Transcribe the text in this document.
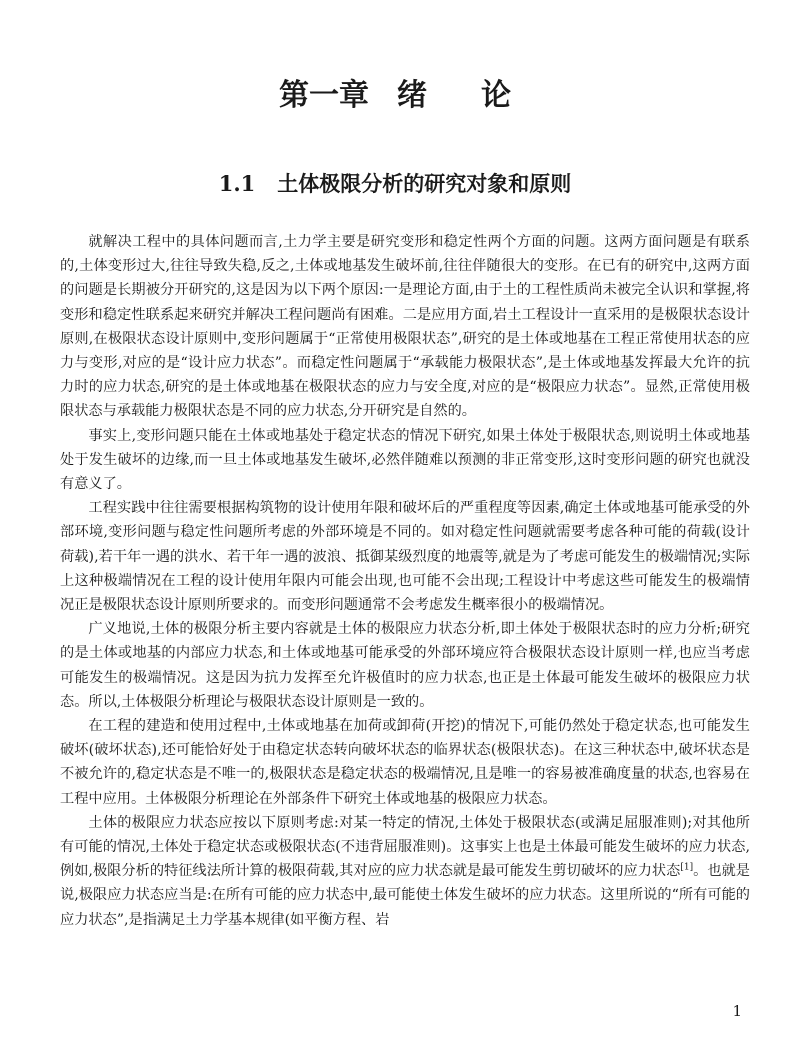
第一章 绪 论
1.1 土体极限分析的研究对象和原则

就解决工程中的具体问题而言,土力学主要是研究变形和稳定性两个方面的问题。这两方面问题是有联系的,土体变形过大,往往导致失稳,反之,土体或地基发生破坏前,往往伴随很大的变形。在已有的研究中,这两方面的问题是长期被分开研究的,这是因为以下两个原因:一是理论方面,由于土的工程性质尚未被完全认识和掌握,将变形和稳定性联系起来研究并解决工程问题尚有困难。二是应用方面,岩土工程设计一直采用的是极限状态设计原则,在极限状态设计原则中,变形问题属于“正常使用极限状态”,研究的是土体或地基在工程正常使用状态的应力与变形,对应的是“设计应力状态”。而稳定性问题属于“承载能力极限状态”,是土体或地基发挥最大允许的抗力时的应力状态,研究的是土体或地基在极限状态的应力与安全度,对应的是“极限应力状态”。显然,正常使用极限状态与承载能力极限状态是不同的应力状态,分开研究是自然的。

事实上,变形问题只能在土体或地基处于稳定状态的情况下研究,如果土体处于极限状态,则说明土体或地基处于发生破坏的边缘,而一旦土体或地基发生破坏,必然伴随难以预测的非正常变形,这时变形问题的研究也就没有意义了。

工程实践中往往需要根据构筑物的设计使用年限和破坏后的严重程度等因素,确定土体或地基可能承受的外部环境,变形问题与稳定性问题所考虑的外部环境是不同的。如对稳定性问题就需要考虑各种可能的荷载(设计荷载),若干年一遇的洪水、若干年一遇的波浪、抵御某级烈度的地震等,就是为了考虑可能发生的极端情况;实际上这种极端情况在工程的设计使用年限内可能会出现,也可能不会出现;工程设计中考虑这些可能发生的极端情况正是极限状态设计原则所要求的。而变形问题通常不会考虑发生概率很小的极端情况。

广义地说,土体的极限分析主要内容就是土体的极限应力状态分析,即土体处于极限状态时的应力分析;研究的是土体或地基的内部应力状态,和土体或地基可能承受的外部环境应符合极限状态设计原则一样,也应当考虑可能发生的极端情况。这是因为抗力发挥至允许极值时的应力状态,也正是土体最可能发生破坏的极限应力状态。所以,土体极限分析理论与极限状态设计原则是一致的。

在工程的建造和使用过程中,土体或地基在加荷或卸荷(开挖)的情况下,可能仍然处于稳定状态,也可能发生破坏(破坏状态),还可能恰好处于由稳定状态转向破坏状态的临界状态(极限状态)。在这三种状态中,破坏状态是不被允许的,稳定状态是不唯一的,极限状态是稳定状态的极端情况,且是唯一的容易被准确度量的状态,也容易在工程中应用。土体极限分析理论在外部条件下研究土体或地基的极限应力状态。

土体的极限应力状态应按以下原则考虑:对某一特定的情况,土体处于极限状态(或满足屈服准则);对其他所有可能的情况,土体处于稳定状态或极限状态(不违背屈服准则)。这事实上也是土体最可能发生破坏的应力状态,例如,极限分析的特征线法所计算的极限荷载,其对应的应力状态就是最可能发生剪切破坏的应力状态[1]。也就是说,极限应力状态应当是:在所有可能的应力状态中,最可能使土体发生破坏的应力状态。这里所说的“所有可能的应力状态”,是指满足土力学基本规律(如平衡方程、岩

1
